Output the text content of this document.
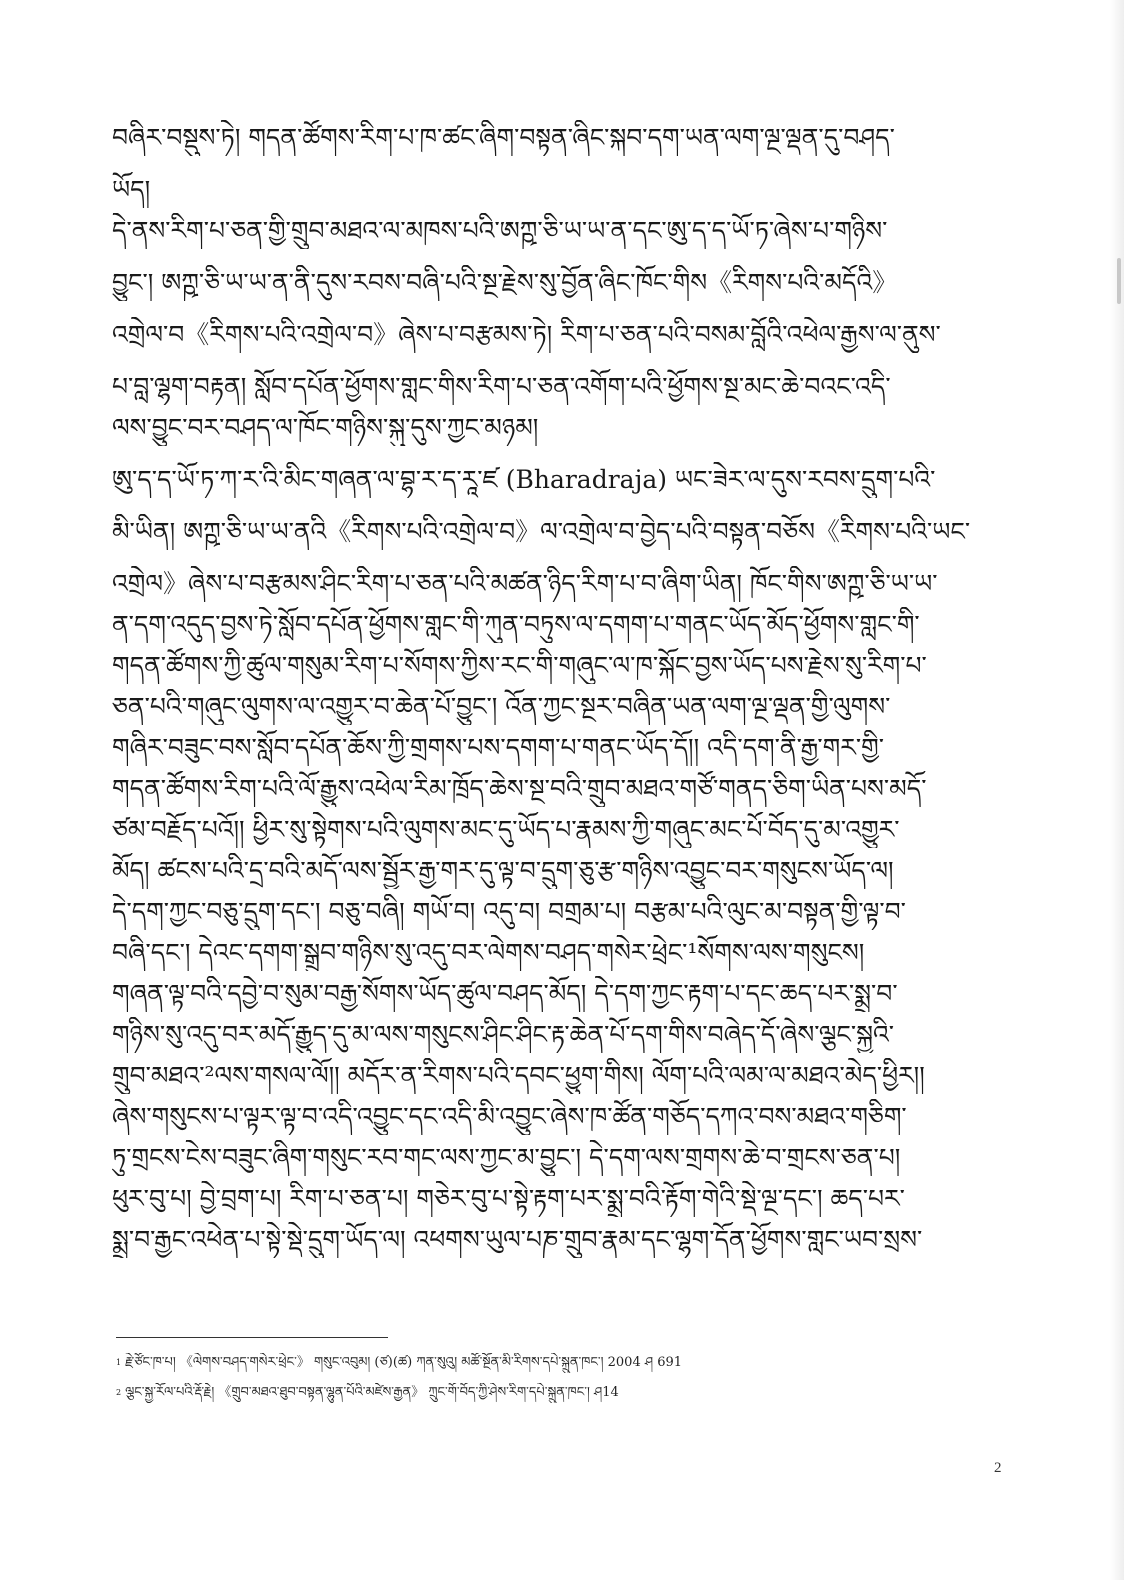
བཞིར་བསྡུས་ཏེ། གདན་ཚོགས་རིག་པ་ཁ་ཚང་ཞིག་བསྟན་ཞིང་སྐབ་དག་ཡན་ལག་ལྔ་ལྡན་དུ་བཤད་
ཡོད།
དེ་ནས་རིག་པ་ཅན་གྱི་གྲུབ་མཐའ་ལ་མཁས་པའི་ཨཀྵ་ཅི་ཡ་ཡ་ན་དང་ཨུ་ད་ད་ཡོ་ཏ་ཞེས་པ་གཉིས་
བྱུང་། ཨཀྵ་ཅི་ཡ་ཡ་ན་ནི་དུས་རབས་བཞི་པའི་སྔ་རྗེས་སུ་བྱོན་ཞིང་ཁོང་གིས《རིགས་པའི་མདོའི》
འགྲེལ་བ《རིགས་པའི་འགྲེལ་བ》ཞེས་པ་བརྩམས་ཏེ། རིག་པ་ཅན་པའི་བསམ་བློའི་འཕེལ་རྒྱས་ལ་ནུས་
པ་བླ་ལྷག་བརྟན། སློབ་དཔོན་ཕྱོགས་གླང་གིས་རིག་པ་ཅན་འགོག་པའི་ཕྱོགས་སྔ་མང་ཆེ་བའང་འདི་
ལས་བྱུང་བར་བཤད་ལ་ཁོང་གཉིས་སྐུ་དུས་ཀྱང་མཉམ།
ཨུ་ད་ད་ཡོ་ཏ་ཀ་ར་འི་མིང་གཞན་ལ་བྷ་ར་ད་རཱ་ཛ (Bharadraja) ཡང་ཟེར་ལ་དུས་རབས་དྲུག་པའི་
མི་ཡིན། ཨཀྵ་ཅི་ཡ་ཡ་ནའི《རིགས་པའི་འགྲེལ་བ》ལ་འགྲེལ་བ་བྱེད་པའི་བསྟན་བཅོས《རིགས་པའི་ཡང་
འགྲེལ》ཞེས་པ་བརྩམས་ཤིང་རིག་པ་ཅན་པའི་མཚན་ཉིད་རིག་པ་བ་ཞིག་ཡིན། ཁོང་གིས་ཨཀྵ་ཅི་ཡ་ཡ་
ན་དག་འདུད་བྱས་ཏེ་སློབ་དཔོན་ཕྱོགས་གླང་གི་ཀུན་བཏུས་ལ་དགག་པ་གནང་ཡོད་མོད་ཕྱོགས་གླང་གི་
གདན་ཚོགས་ཀྱི་ཚུལ་གསུམ་རིག་པ་སོགས་ཀྱིས་རང་གི་གཞུང་ལ་ཁ་སྐོང་བྱས་ཡོད་པས་རྗེས་སུ་རིག་པ་
ཅན་པའི་གཞུང་ལུགས་ལ་འགྱུར་བ་ཆེན་པོ་བྱུང་། འོན་ཀྱང་སྔར་བཞིན་ཡན་ལག་ལྔ་ལྡན་གྱི་ལུགས་
གཞིར་བཟུང་བས་སློབ་དཔོན་ཆོས་ཀྱི་གྲགས་པས་དགག་པ་གནང་ཡོད་དོ།། འདི་དག་ནི་རྒྱ་གར་གྱི་
གདན་ཚོགས་རིག་པའི་ལོ་རྒྱུས་འཕེལ་རིམ་ཁྲོད་ཆེས་སྔ་བའི་གྲུབ་མཐའ་གཙོ་གནད་ཅིག་ཡིན་པས་མདོ་
ཙམ་བརྗོད་པའོ།། ཕྱིར་སུ་སྟེགས་པའི་ལུགས་མང་དུ་ཡོད་པ་རྣམས་ཀྱི་གཞུང་མང་པོ་བོད་དུ་མ་འགྱུར་
མོད། ཚངས་པའི་དྲ་བའི་མདོ་ལས་སྦྱོར་རྒྱ་གར་དུ་ལྟ་བ་དྲུག་ཅུ་རྩ་གཉིས་འབྱུང་བར་གསུངས་ཡོད་ལ།
དེ་དག་ཀྱང་བཅུ་དྲུག་དང་། བཅུ་བཞི། གཡོ་བ། འདུ་བ། བགྲམ་པ། བརྩམ་པའི་ལུང་མ་བསྟན་གྱི་ལྟ་བ་
བཞི་དང་། དེའང་དགག་སྒྲུབ་གཉིས་སུ་འདུ་བར་ལེགས་བཤད་གསེར་ཕྲེང་¹སོགས་ལས་གསུངས།
གཞན་ལྟ་བའི་དབྱེ་བ་སུམ་བརྒྱ་སོགས་ཡོད་ཚུལ་བཤད་མོད། དེ་དག་ཀྱང་རྟག་པ་དང་ཆད་པར་སྨྲ་བ་
གཉིས་སུ་འདུ་བར་མདོ་རྒྱུད་དུ་མ་ལས་གསུངས་ཤིང་ཤིང་རྟ་ཆེན་པོ་དག་གིས་བཞེད་དོ་ཞེས་ལྕང་སྐྱའི་
གྲུབ་མཐའ་²ལས་གསལ་ལོ།། མདོར་ན་རིགས་པའི་དབང་ཕྱུག་གིས། ལོག་པའི་ལམ་ལ་མཐའ་མེད་ཕྱིར།།
ཞེས་གསུངས་པ་ལྟར་ལྟ་བ་འདི་འབྱུང་དང་འདི་མི་འབྱུང་ཞེས་ཁ་ཚོན་གཅོད་དཀའ་བས་མཐའ་གཅིག་
ཏུ་གྲངས་ངེས་བཟུང་ཞིག་གསུང་རབ་གང་ལས་ཀྱང་མ་བྱུང་། དེ་དག་ལས་གྲགས་ཆེ་བ་གྲངས་ཅན་པ།
ཕུར་བུ་པ། བྱེ་བྲག་པ། རིག་པ་ཅན་པ། གཅེར་བུ་པ་སྟེ་རྟག་པར་སྨྲ་བའི་རྟོག་གེའི་སྡེ་ལྔ་དང་། ཆད་པར་
སྨྲ་བ་རྒྱང་འཕེན་པ་སྟེ་སྡེ་དྲུག་ཡོད་ལ། འཕགས་ཡུལ་པཎ་གྲུབ་རྣམ་དང་ལྷག་དོན་ཕྱོགས་གླང་ཡབ་སྲས་
$^1$ རྗེ་ཙོང་ཁ་པ། 《ལེགས་བཤད་གསེར་ཕྲེང་》 གསུང་འབུམ། (ཙ)(ཚ) ཀན་སུའུ། མཚོ་སྔོན་མི་རིགས་དཔེ་སྐྲུན་ཁང་། 2004 ཤ 691
$^2$ ལྕང་སྐྱ་རོལ་པའི་རྡོ་རྗེ། 《གྲུབ་མཐའ་ཐུབ་བསྟན་ལྷུན་པོའི་མཛེས་རྒྱན》 ཀྲུང་གོ་བོད་ཀྱི་ཤེས་རིག་དཔེ་སྐྲུན་ཁང་། ཤ14
2
